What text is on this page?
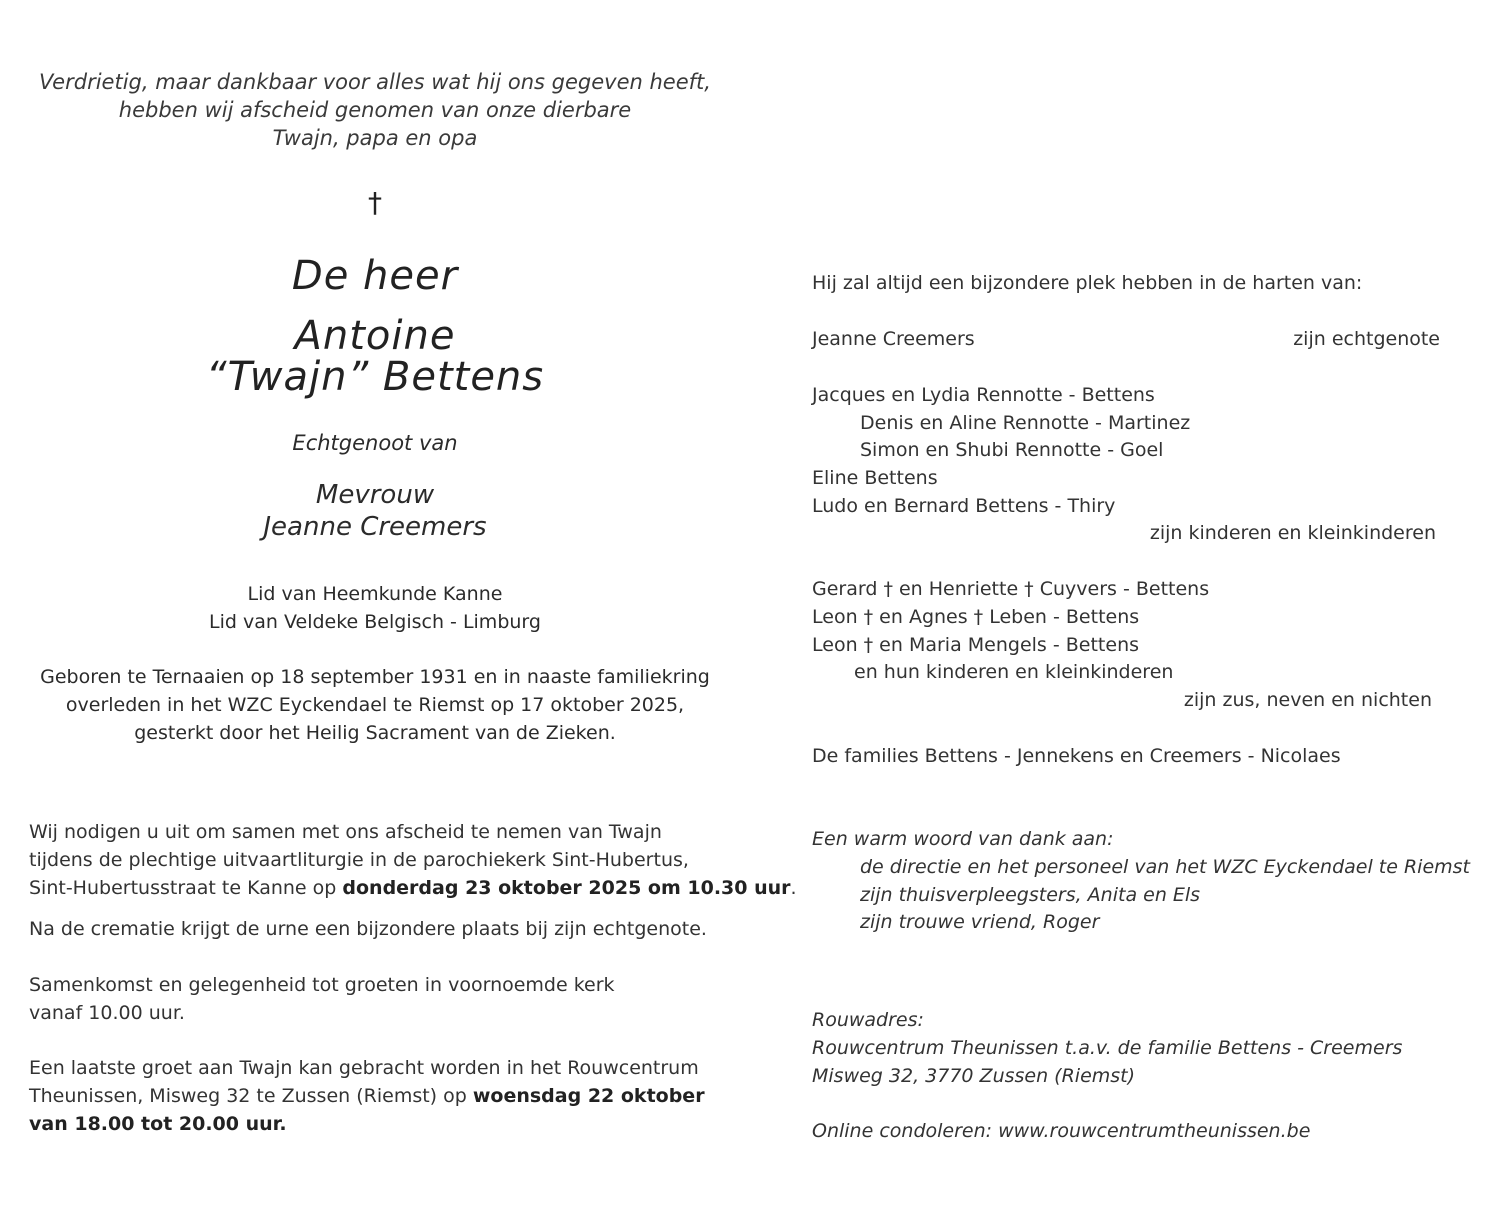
Verdrietig, maar dankbaar voor alles wat hij ons gegeven heeft,
hebben wij afscheid genomen van onze dierbare
Twajn, papa en opa
†
De heer
Antoine
“Twajn” Bettens
Echtgenoot van
Mevrouw
Jeanne Creemers
Lid van Heemkunde Kanne
Lid van Veldeke Belgisch - Limburg
Geboren te Ternaaien op 18 september 1931 en in naaste familiekring
overleden in het WZC Eyckendael te Riemst op 17 oktober 2025,
gesterkt door het Heilig Sacrament van de Zieken.
Wij nodigen u uit om samen met ons afscheid te nemen van Twajn
tijdens de plechtige uitvaartliturgie in de parochiekerk Sint-Hubertus,
Sint-Hubertusstraat te Kanne op donderdag 23 oktober 2025 om 10.30 uur.
Na de crematie krijgt de urne een bijzondere plaats bij zijn echtgenote.
Samenkomst en gelegenheid tot groeten in voornoemde kerk
vanaf 10.00 uur.
Een laatste groet aan Twajn kan gebracht worden in het Rouwcentrum
Theunissen, Misweg 32 te Zussen (Riemst) op woensdag 22 oktober
van 18.00 tot 20.00 uur.
Hij zal altijd een bijzondere plek hebben in de harten van:
Jeanne Creemers	zijn echtgenote
Jacques en Lydia Rennotte - Bettens
Denis en Aline Rennotte - Martinez
Simon en Shubi Rennotte - Goel
Eline Bettens
Ludo en Bernard Bettens - Thiry
zijn kinderen en kleinkinderen
Gerard † en Henriette † Cuyvers - Bettens
Leon † en Agnes † Leben - Bettens
Leon † en Maria Mengels - Bettens
en hun kinderen en kleinkinderen
zijn zus, neven en nichten
De families Bettens - Jennekens en Creemers - Nicolaes
Een warm woord van dank aan:
de directie en het personeel van het WZC Eyckendael te Riemst
zijn thuisverpleegsters, Anita en Els
zijn trouwe vriend, Roger
Rouwadres:
Rouwcentrum Theunissen t.a.v. de familie Bettens - Creemers
Misweg 32, 3770 Zussen (Riemst)
Online condoleren: www.rouwcentrumtheunissen.be
